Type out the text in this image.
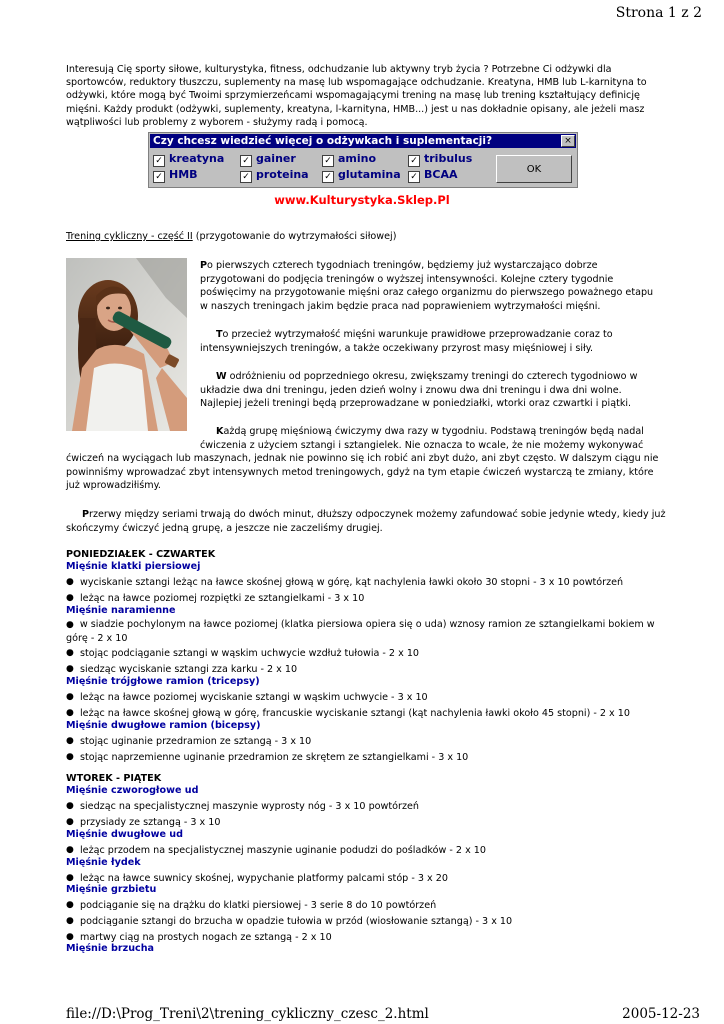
Strona 1 z 2
Interesują Cię sporty siłowe, kulturystyka, fitness, odchudzanie lub aktywny tryb życia ? Potrzebne Ci odżywki dla sportowców, reduktory tłuszczu, suplementy na masę lub wspomagające odchudzanie. Kreatyna, HMB lub L-karnityna to odżywki, które mogą być Twoimi sprzymierzeńcami wspomagającymi trening na masę lub trening kształtujący definicję mięśni. Każdy produkt (odżywki, suplementy, kreatyna, l-karnityna, HMB...) jest u nas dokładnie opisany, ale jeżeli masz wątpliwości lub problemy z wyborem - służymy radą i pomocą.
Czy chcesz wiedzieć więcej o odżywkach i suplementacji?	×
✓ kreatyna ✓ gainer	✓ amino	✓ tribulus
✓ HMB	✓ proteina ✓ glutamina ✓ BCAA	OK
www.Kulturystyka.Sklep.Pl
Trening cykliczny - część II (przygotowanie do wytrzymałości siłowej)
Po pierwszych czterech tygodniach treningów, będziemy już wystarczająco dobrze przygotowani do podjęcia treningów o wyższej intensywności. Kolejne cztery tygodnie poświęcimy na przygotowanie mięśni oraz całego organizmu do pierwszego poważnego etapu w naszych treningach jakim będzie praca nad poprawieniem wytrzymałości mięśni.
To przecież wytrzymałość mięśni warunkuje prawidłowe przeprowadzanie coraz to intensywniejszych treningów, a także oczekiwany przyrost masy mięśniowej i siły.
W odróżnieniu od poprzedniego okresu, zwiększamy treningi do czterech tygodniowo w układzie dwa dni treningu, jeden dzień wolny i znowu dwa dni treningu i dwa dni wolne. Najlepiej jeżeli treningi będą przeprowadzane w poniedziałki, wtorki oraz czwartki i piątki.
Każdą grupę mięśniową ćwiczymy dwa razy w tygodniu. Podstawą treningów będą nadal ćwiczenia z użyciem sztangi i sztangielek. Nie oznacza to wcale, że nie możemy wykonywać
ćwiczeń na wyciągach lub maszynach, jednak nie powinno się ich robić ani zbyt dużo, ani zbyt często. W dalszym ciągu nie powinniśmy wprowadzać zbyt intensywnych metod treningowych, gdyż na tym etapie ćwiczeń wystarczą te zmiany, które już wprowadziłiśmy.
Przerwy między seriami trwają do dwóch minut, dłuższy odpoczynek możemy zafundować sobie jedynie wtedy, kiedy już skończymy ćwiczyć jedną grupę, a jeszcze nie zaczeliśmy drugiej.
PONIEDZIAŁEK - CZWARTEK
Mięśnie klatki piersiowej
● wyciskanie sztangi leżąc na ławce skośnej głową w górę, kąt nachylenia ławki około 30 stopni - 3 x 10 powtórzeń
● leżąc na ławce poziomej rozpiętki ze sztangielkami - 3 x 10
Mięśnie naramienne
● w siadzie pochylonym na ławce poziomej (klatka piersiowa opiera się o uda) wznosy ramion ze sztangielkami bokiem w górę - 2 x 10
● stojąc podciąganie sztangi w wąskim uchwycie wzdłuż tułowia - 2 x 10
● siedząc wyciskanie sztangi zza karku - 2 x 10
Mięśnie trójgłowe ramion (tricepsy)
● leżąc na ławce poziomej wyciskanie sztangi w wąskim uchwycie - 3 x 10
● leżąc na ławce skośnej głową w górę, francuskie wyciskanie sztangi (kąt nachylenia ławki około 45 stopni) - 2 x 10
Mięśnie dwugłowe ramion (bicepsy)
● stojąc uginanie przedramion ze sztangą - 3 x 10
● stojąc naprzemienne uginanie przedramion ze skrętem ze sztangielkami - 3 x 10
WTOREK - PIĄTEK
Mięśnie czworogłowe ud
● siedząc na specjalistycznej maszynie wyprosty nóg - 3 x 10 powtórzeń
● przysiady ze sztangą - 3 x 10
Mięśnie dwugłowe ud
● leżąc przodem na specjalistycznej maszynie uginanie podudzi do pośladków - 2 x 10
Mięśnie łydek
● leżąc na ławce suwnicy skośnej, wypychanie platformy palcami stóp - 3 x 20
Mięśnie grzbietu
● podciąganie się na drążku do klatki piersiowej - 3 serie 8 do 10 powtórzeń
● podciąganie sztangi do brzucha w opadzie tułowia w przód (wiosłowanie sztangą) - 3 x 10
● martwy ciąg na prostych nogach ze sztangą - 2 x 10
Mięśnie brzucha
file://D:\Prog_Treni\2\trening_cykliczny_czesc_2.html	2005-12-23
